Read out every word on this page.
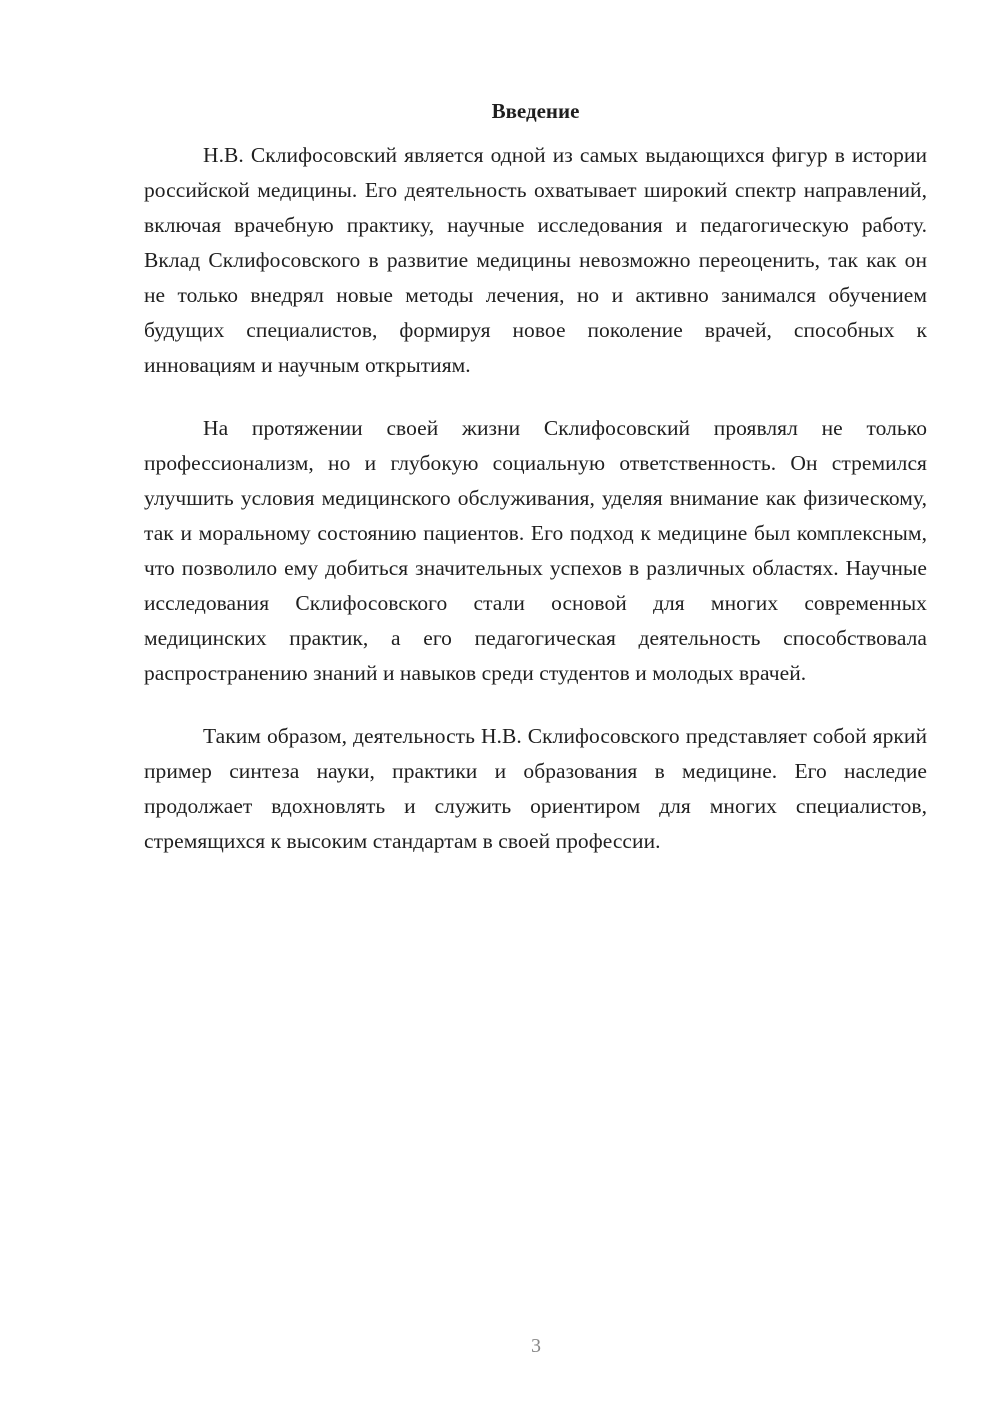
Введение

Н.В. Склифосовский является одной из самых выдающихся фигур в истории российской медицины. Его деятельность охватывает широкий спектр направлений, включая врачебную практику, научные исследования и педагогическую работу. Вклад Склифосовского в развитие медицины невозможно переоценить, так как он не только внедрял новые методы лечения, но и активно занимался обучением будущих специалистов, формируя новое поколение врачей, способных к инновациям и научным открытиям.

На протяжении своей жизни Склифосовский проявлял не только профессионализм, но и глубокую социальную ответственность. Он стремился улучшить условия медицинского обслуживания, уделяя внимание как физическому, так и моральному состоянию пациентов. Его подход к медицине был комплексным, что позволило ему добиться значительных успехов в различных областях. Научные исследования Склифосовского стали основой для многих современных медицинских практик, а его педагогическая деятельность способствовала распространению знаний и навыков среди студентов и молодых врачей.

Таким образом, деятельность Н.В. Склифосовского представляет собой яркий пример синтеза науки, практики и образования в медицине. Его наследие продолжает вдохновлять и служить ориентиром для многих специалистов, стремящихся к высоким стандартам в своей профессии.

3
